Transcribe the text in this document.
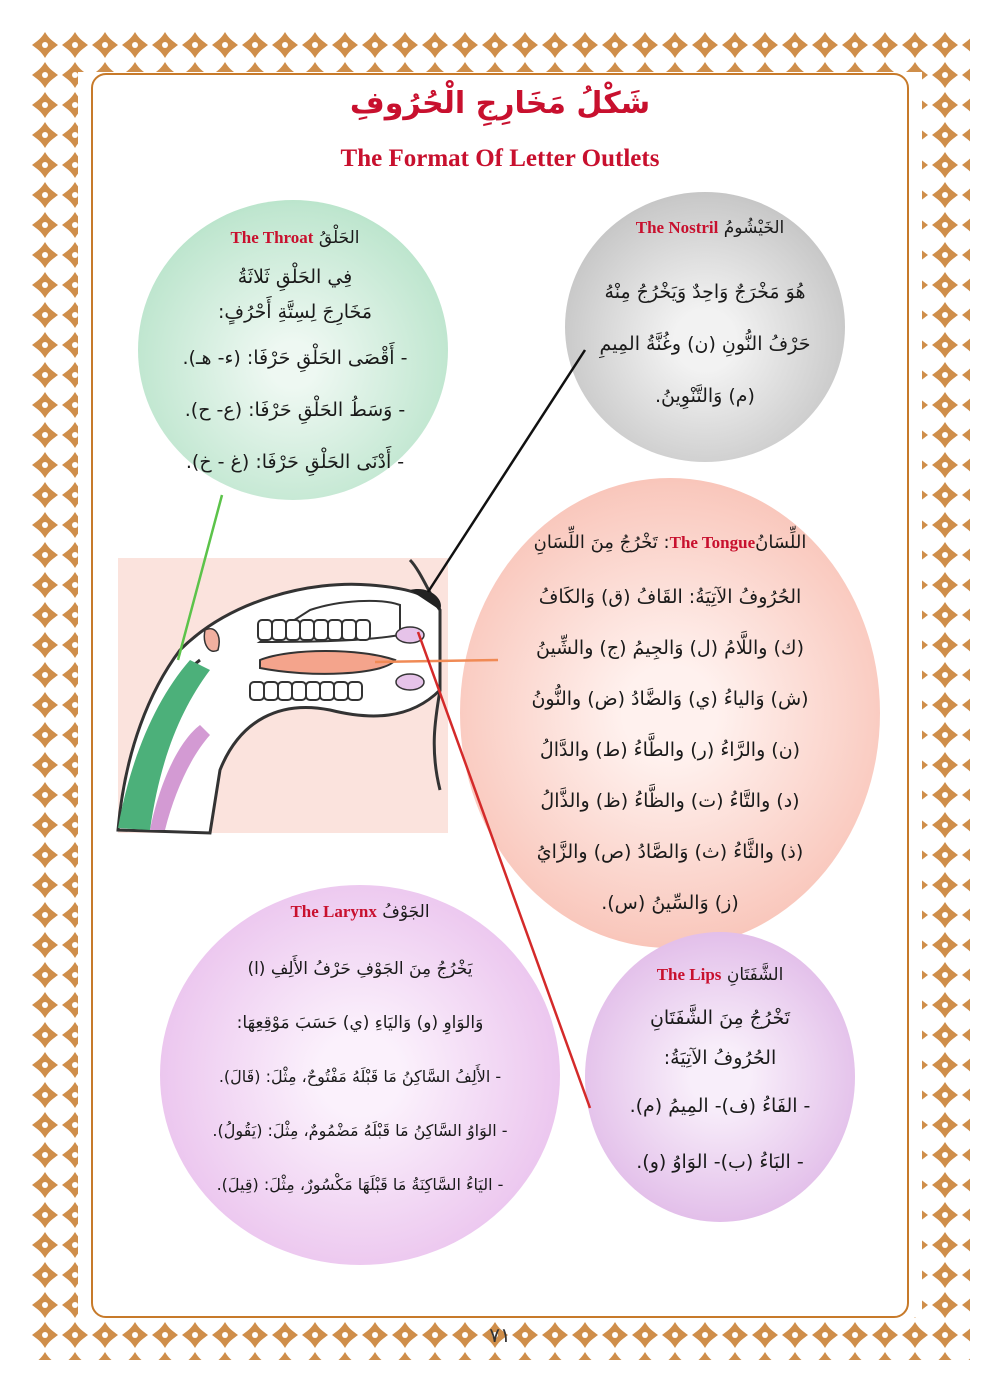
شَكْلُ مَخَارِجِ الْحُرُوفِ
The Format Of Letter Outlets
الحَلْقُ The Throat
فِي الحَلْقِ ثَلاثَةُ
مَخَارِجَ لِسِتَّةِ أَحْرُفٍ:
- أَقْصَى الحَلْقِ حَرْفَا: (ء- هـ).
- وَسَطُ الحَلْقِ حَرْفَا: (ع- ح).
- أَدْنَى الحَلْقِ حَرْفَا: (غ - خ).
الخَيْشُومُ The Nostril
هُوَ مَخْرَجٌ وَاحِدٌ وَيَخْرُجُ مِنْهُ
حَرْفُ النُّونِ (ن) وغُنَّةُ المِيمِ
(م) وَالتَّنْوِينُ.
اللِّسَانُThe Tongue: تَخْرُجُ مِنَ اللِّسَانِ
الحُرُوفُ الآتِيَةُ: القَافُ (ق) وَالكَافُ
(ك) واللَّامُ (ل) وَالجِيمُ (ج) والشِّينُ
(ش) وَالياءُ (ي) وَالضَّادُ (ض) والنُّونُ
(ن) والرَّاءُ (ر) والطَّاءُ (ط) والدَّالُ
(د) والتَّاءُ (ت) والظَّاءُ (ظ) والذَّالُ
(ذ) والثَّاءُ (ث) وَالصَّادُ (ص) والزَّايُ
(ز) وَالسِّينُ (س).
الجَوْفُ The Larynx
يَخْرُجُ مِنَ الجَوْفِ حَرْفُ الأَلِفِ (ا)
وَالوَاوِ (و) وَاليَاءِ (ي) حَسَبَ مَوْقِعِهَا:
- الأَلِفُ السَّاكِنُ مَا قَبْلَهُ مَفْتُوحٌ، مِثْلَ: (قَالَ).
- الوَاوُ السَّاكِنُ مَا قَبْلَهُ مَضْمُومٌ، مِثْلَ: (يَقُولُ).
- اليَاءُ السَّاكِنَةُ مَا قَبْلَهَا مَكْسُورٌ، مِثْلَ: (قِيلَ).
الشَّفَتَانِ The Lips
تَخْرُجُ مِنَ الشَّفَتَانِ
الحُرُوفُ الآتِيَةُ:
- الفَاءُ (ف)- المِيمُ (م).
- البَاءُ (ب)- الوَاوُ (و).
٧١
